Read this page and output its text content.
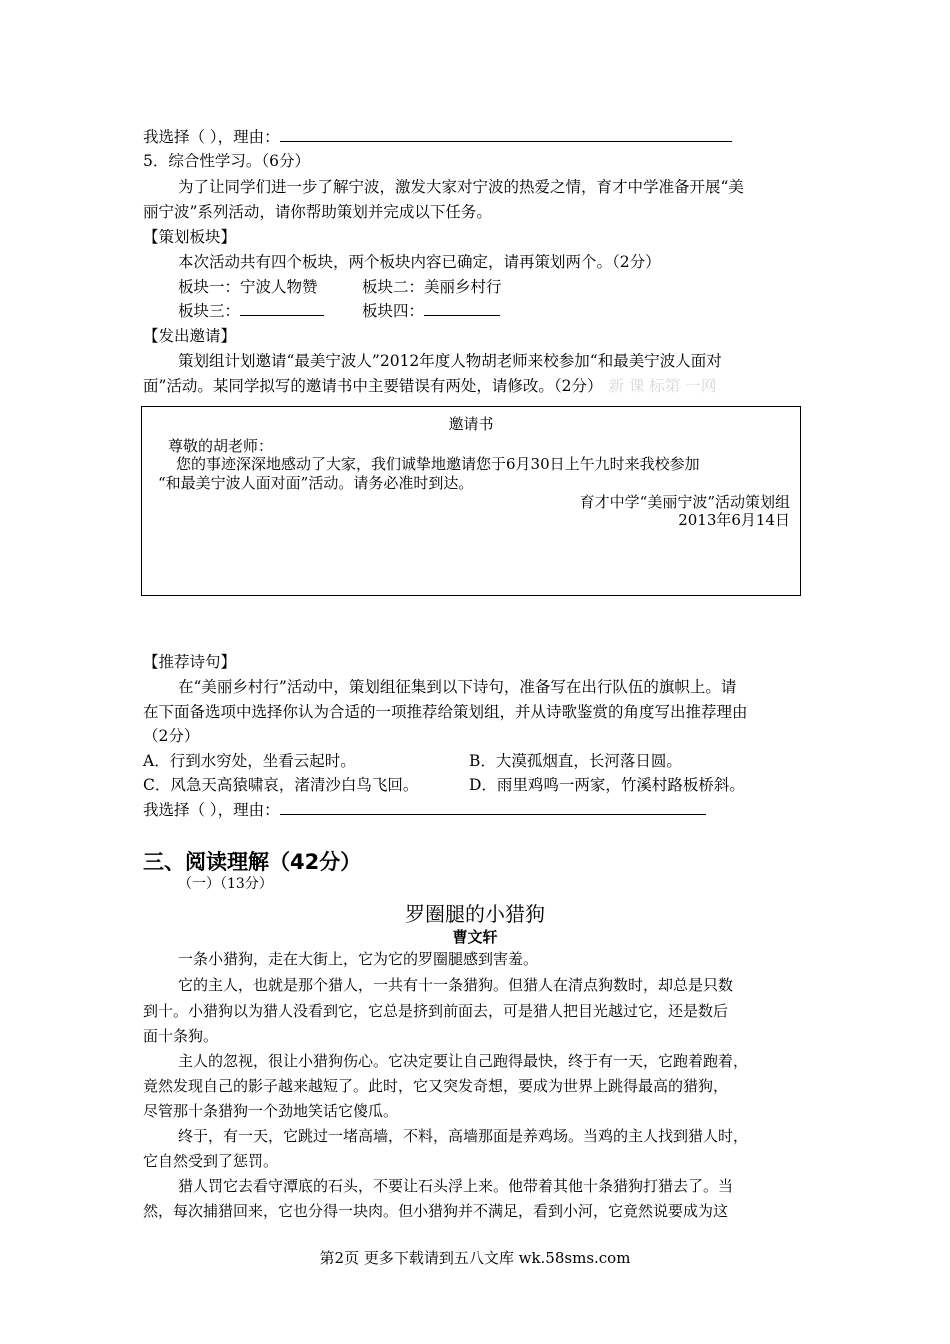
我选择（ ），理由：
5．综合性学习。（6分）
为了让同学们进一步了解宁波，激发大家对宁波的热爱之情，育才中学准备开展“美
丽宁波”系列活动，请你帮助策划并完成以下任务。
【策划板块】
本次活动共有四个板块，两个板块内容已确定，请再策划两个。（2分）
板块一：宁波人物赞	板块二：美丽乡村行
板块三：	板块四：
【发出邀请】
策划组计划邀请“最美宁波人”2012年度人物胡老师来校参加“和最美宁波人面对
面”活动。某同学拟写的邀请书中主要错误有两处，请修改。（2分） 新 课 标第 一网
邀请书
尊敬的胡老师：
您的事迹深深地感动了大家，我们诚挚地邀请您于6月30日上午九时来我校参加
“和最美宁波人面对面”活动。请务必准时到达。
育才中学“美丽宁波”活动策划组
2013年6月14日
【推荐诗句】
在“美丽乡村行”活动中，策划组征集到以下诗句，准备写在出行队伍的旗帜上。请
在下面备选项中选择你认为合适的一项推荐给策划组，并从诗歌鉴赏的角度写出推荐理由
（2分）
A．行到水穷处，坐看云起时。	B．大漠孤烟直，长河落日圆。
C．风急天高猿啸哀，渚清沙白鸟飞回。	D．雨里鸡鸣一两家，竹溪村路板桥斜。
我选择（ ），理由：
三、阅读理解（42分）
（一）（13分）
罗圈腿的小猎狗
曹文轩
一条小猎狗，走在大街上，它为它的罗圈腿感到害羞。
它的主人，也就是那个猎人，一共有十一条猎狗。但猎人在清点狗数时，却总是只数
到十。小猎狗以为猎人没看到它，它总是挤到前面去，可是猎人把目光越过它，还是数后
面十条狗。
主人的忽视，很让小猎狗伤心。它决定要让自己跑得最快，终于有一天，它跑着跑着，
竟然发现自己的影子越来越短了。此时，它又突发奇想，要成为世界上跳得最高的猎狗，
尽管那十条猎狗一个劲地笑话它傻瓜。
终于，有一天，它跳过一堵高墙，不料，高墙那面是养鸡场。当鸡的主人找到猎人时，
它自然受到了惩罚。
猎人罚它去看守潭底的石头，不要让石头浮上来。他带着其他十条猎狗打猎去了。当
然，每次捕猎回来，它也分得一块肉。但小猎狗并不满足，看到小河，它竟然说要成为这
第2页 更多下载请到五八文库 wk.58sms.com
